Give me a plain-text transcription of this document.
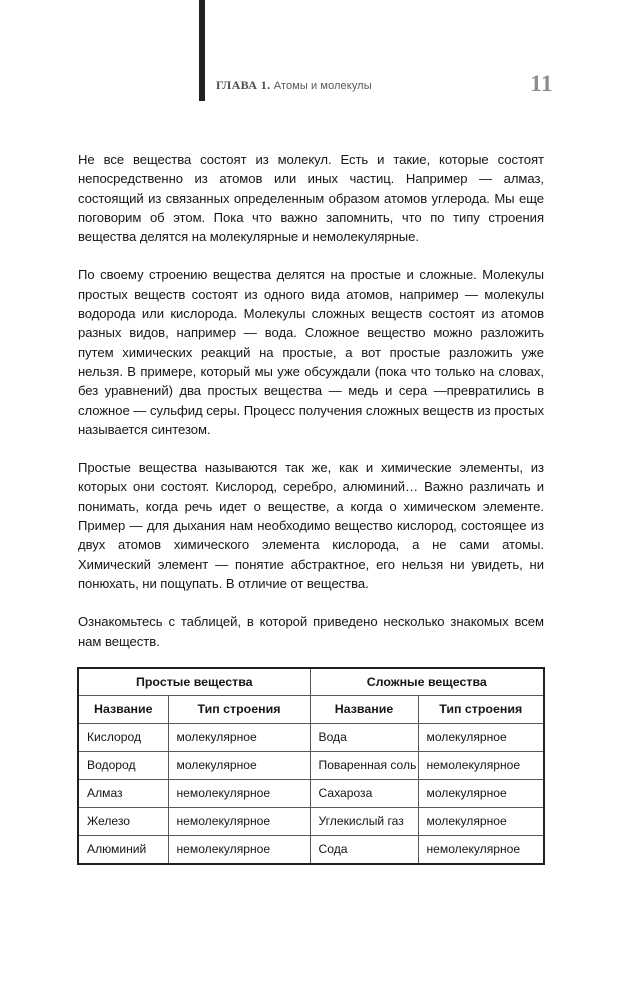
ГЛАВА 1. Атомы и молекулы	11

Не все вещества состоят из молекул. Есть и такие, которые состоят непосредственно из атомов или иных частиц. Например — алмаз, состоящий из связанных определенным образом атомов углерода. Мы еще поговорим об этом. Пока что важно запомнить, что по типу строения вещества делятся на молекулярные и немолекулярные.

По своему строению вещества делятся на простые и сложные. Молекулы простых веществ состоят из одного вида атомов, например — молекулы водорода или кислорода. Молекулы сложных веществ состоят из атомов разных видов, например — вода. Сложное вещество можно разложить путем химических реакций на простые, а вот простые разложить уже нельзя. В примере, который мы уже обсуждали (пока что только на словах, без уравнений) два простых вещества — медь и сера —превратились в сложное — сульфид серы. Процесс получения сложных веществ из простых называется синтезом.

Простые вещества называются так же, как и химические элементы, из которых они состоят. Кислород, серебро, алюминий… Важно различать и понимать, когда речь идет о веществе, а когда о химическом элементе. Пример — для дыхания нам необходимо вещество кислород, состоящее из двух атомов химического элемента кислорода, а не сами атомы. Химический элемент — понятие абстрактное, его нельзя ни увидеть, ни понюхать, ни пощупать. В отличие от вещества.

Ознакомьтесь с таблицей, в которой приведено несколько знакомых всем нам веществ.

Простые вещества		Сложные вещества	
Название	Тип строения	Название	Тип строения
Кислород	молекулярное	Вода	молекулярное
Водород	молекулярное	Поваренная соль	немолекулярное
Алмаз	немолекулярное	Сахароза	молекулярное
Железо	немолекулярное	Углекислый газ	молекулярное
Алюминий	немолекулярное	Сода	немолекулярное
